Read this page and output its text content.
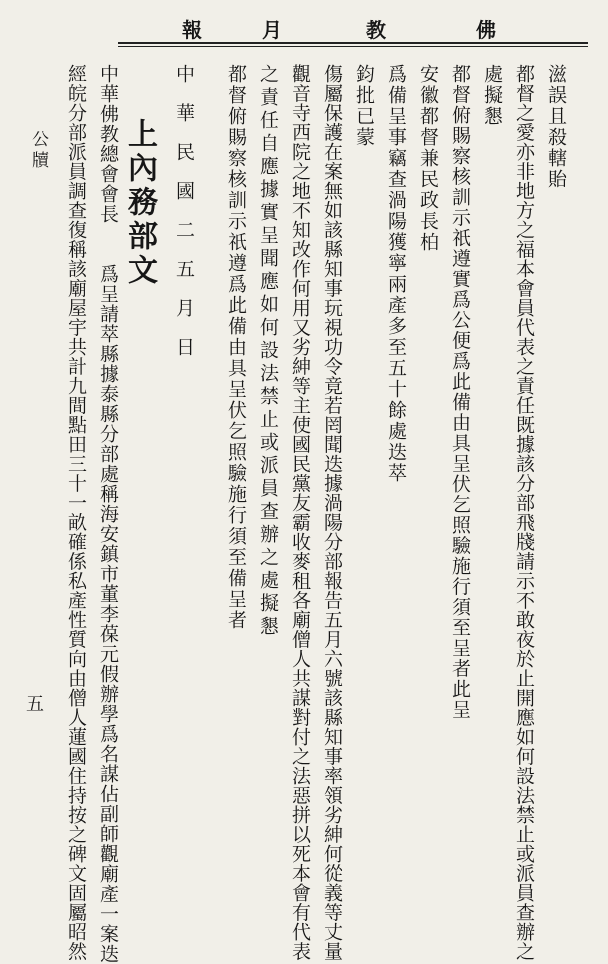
佛
教
月
報
滋誤且殺轄貽
都督之愛亦非地方之福本會員代表之責任既據該分部飛牋請示不敢夜於止開應如何設法禁止或派員查辦之
處擬懇
都督俯賜察核訓示祇遵實爲公便爲此備由具呈伏乞照驗施行須至呈者此呈
安徽都督兼民政長柏
爲備呈事竊查渦陽獲寧兩產多至五十餘處迭萃
鈞批已蒙
傷屬保護在案無如該縣知事玩視功令竟若罔聞迭據渦陽分部報告五月六號該縣知事率領劣紳何從義等丈量
觀音寺西院之地不知改作何用又劣紳等主使國民黨友霸收麥租各廟僧人共謀對付之法惡拼以死本會有代表
之責任自應據實呈聞應如何設法禁止或派員查辦之處擬懇
都督俯賜察核訓示祇遵爲此備由具呈伏乞照驗施行須至備呈者
上內務部文 中華民國二五月日
中華佛教總會會長　　爲呈請萃縣據泰縣分部處稱海安鎮市董李葆元假辦學爲名謀佔副師觀廟產一案迭
經皖分部派員調查復稱該廟屋宇共計九間點田三十一畝確係私產性質向由僧人蓮國住持按之碑文固屬昭然
公牘
五
